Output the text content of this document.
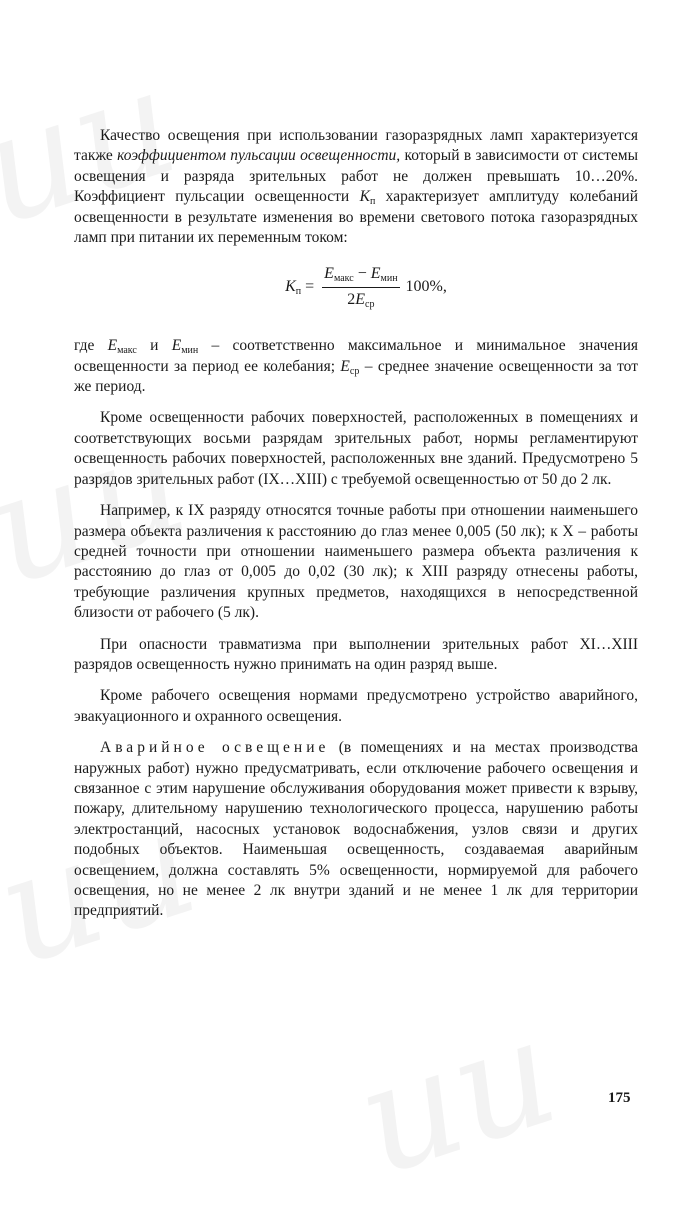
Качество освещения при использовании газоразрядных ламп характеризуется также коэффициентом пульсации освещенности, который в зависимости от системы освещения и разряда зрительных работ не должен превышать 10…20%. Коэффициент пульсации освещенности $K_п$ характеризует амплитуду колебаний освещенности в результате изменения во времени светового потока газоразрядных ламп при питании их переменным током:

$K_п = \frac{E_{макс} - E_{мин}}{2E_{ср}} 100\%$,

где $E_{макс}$ и $E_{мин}$ – соответственно максимальное и минимальное значения освещенности за период ее колебания; $E_{ср}$ – среднее значение освещенности за тот же период.

Кроме освещенности рабочих поверхностей, расположенных в помещениях и соответствующих восьми разрядам зрительных работ, нормы регламентируют освещенность рабочих поверхностей, расположенных вне зданий. Предусмотрено 5 разрядов зрительных работ (IX…XIII) с требуемой освещенностью от 50 до 2 лк.

Например, к IX разряду относятся точные работы при отношении наименьшего размера объекта различения к расстоянию до глаз менее 0,005 (50 лк); к X – работы средней точности при отношении наименьшего размера объекта различения к расстоянию до глаз от 0,005 до 0,02 (30 лк); к XIII разряду отнесены работы, требующие различения крупных предметов, находящихся в непосредственной близости от рабочего (5 лк).

При опасности травматизма при выполнении зрительных работ XI…XIII разрядов освещенность нужно принимать на один разряд выше.

Кроме рабочего освещения нормами предусмотрено устройство аварийного, эвакуационного и охранного освещения.

Аварийное освещение (в помещениях и на местах производства наружных работ) нужно предусматривать, если отключение рабочего освещения и связанное с этим нарушение обслуживания оборудования может привести к взрыву, пожару, длительному нарушению технологического процесса, нарушению работы электростанций, насосных установок водоснабжения, узлов связи и других подобных объектов. Наименьшая освещенность, создаваемая аварийным освещением, должна составлять 5% освещенности, нормируемой для рабочего освещения, но не менее 2 лк внутри зданий и не менее 1 лк для территории предприятий.

175
